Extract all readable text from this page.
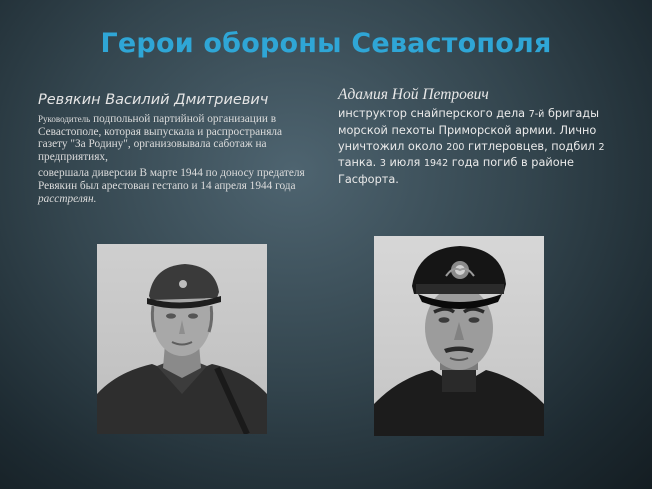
Герои обороны Севастополя
Ревякин Василий Дмитриевич

Руководитель подпольной партийной организации в Севастополе, которая выпускала и распространяла газету "За Родину", организовывала саботаж на предприятиях,

совершала диверсии В марте 1944 по доносу предателя Ревякин был арестован гестапо и 14 апреля 1944 года расстрелян.

Адамия Ной Петрович
инструктор снайперского дела 7-й бригады морской пехоты Приморской армии. Лично уничтожил около 200 гитлеровцев, подбил 2 танка. 3 июля 1942 года погиб в районе Гасфорта.
